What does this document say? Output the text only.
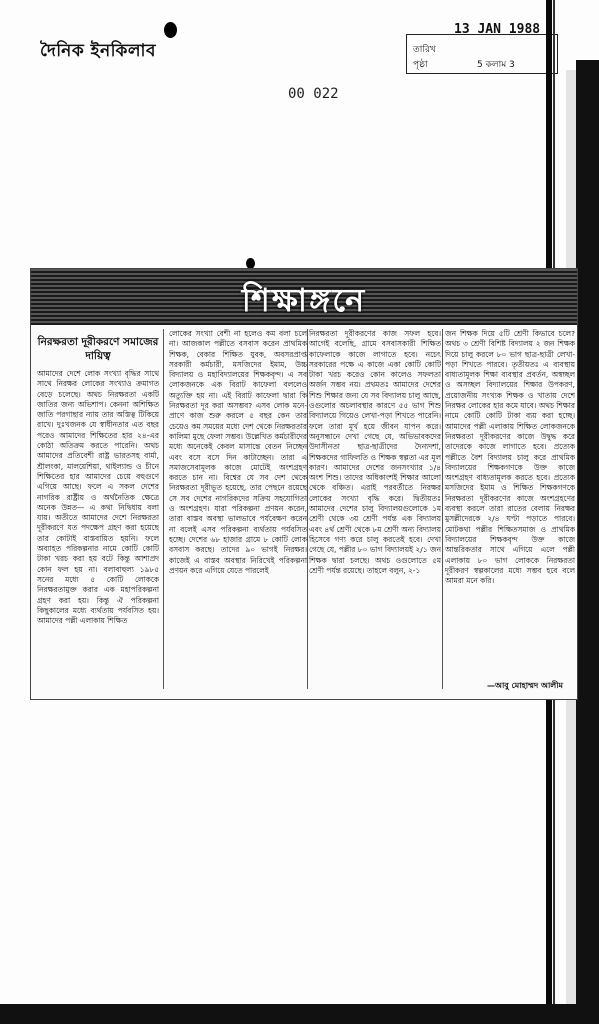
দৈনিক ইনকিলাব
13 JAN 1988
তারিখ
পৃষ্ঠা	5 কলাম 3
00 022
শিক্ষাঙ্গনে
নিরক্ষরতা দূরীকরণে সমাজের দায়িত্ব
আমাদের দেশে লোক সংখ্যা বৃদ্ধির সাথে সাথে নিরক্ষর লোকের সংখ্যাও ক্রমাগত বেড়ে চলেছে। অথচ নিরক্ষরতা একটি জাতির জন্য অভিশাপ। কেননা অশিক্ষিত জাতি পরগাছার ন্যায় তার অস্তিত্ব টিকিয়ে রাখে। দুঃখজনক যে স্বাধীনতার এত বছর পরেও আমাদের শিক্ষিতের হার ২৪-এর কোঠা অতিক্রম করতে পারেনি। অথচ আমাদের প্রতিবেশী রাষ্ট্র ভারতসহ বার্মা, শ্রীলংকা, মালয়েশিয়া, থাইল্যান্ড ও চীনে শিক্ষিতের হার আমাদের চেয়ে বহুগুণে এগিয়ে আছে। ফলে এ সকল দেশের নাগরিক রাষ্ট্রীয় ও অর্থনৈতিক ক্ষেত্রে অনেক উন্নত— এ কথা নিদ্বিধায় বলা যায়। অতীতে আমাদের দেশে নিরক্ষরতা দূরীকরণে যত পদক্ষেপ গ্রহণ করা হয়েছে তার কোটাই বাস্তবায়িত হয়নি। ফলে অব্যাহত পরিকল্পনার নামে কোটি কোটি টাকা খরচ করা হয় বটে কিন্তু আশাপ্রদ কোন ফল হয় না। বলাবাহুল্য ১৯৮৫ সনের মধ্যে ৫ কোটি লোককে নিরক্ষরতামুক্ত করার এক মহাপরিকল্পনা গ্রহণ করা হয়। কিন্তু ঐ পরিকল্পনা কিছুকালের মধ্যে ব্যর্থতায় পর্যবসিত হয়। আমাদের পল্লী এলাকায় শিক্ষিত
লোকের সংখ্যা বেশী না হলেও কম বলা চলে না। আজকাল পল্লীতে বসবাস করেন প্রাথমিক শিক্ষক, বেকার শিক্ষিত যুবক, অবসরপ্রাপ্ত সরকারী কর্মচারী, মসজিদের ইমাম, উচ্চ বিদ্যালয় ও মহাবিদ্যালয়ের শিক্ষকবৃন্দ। এ সব লোকজনকে এক বিরাট কাফেলা বললেও অত্যুক্তি হয় না। এই বিরাট কাফেলা দ্বারা কি নিরক্ষরতা দূর করা অসম্ভব? এসব লোক মনে-প্রাণে কাজ শুরু করলে ৫ বছর কেন তার চেয়েও কম সময়ের মধ্যে দেশ থেকে নিরক্ষরতার কালিমা মুছে ফেলা সম্ভব। উল্লেখিত কর্মচারীদের মধ্যে অনেকেই কেবল মাসান্তে বেতন নিচ্ছেন এবং বসে বসে দিন কাটাচ্ছেন। তারা এ সমাজসেবামূলক কাজে মোটেই অংশগ্রহণ করতে চান না। বিশ্বের যে সব দেশ থেকে নিরক্ষরতা দূরীভূত হয়েছে, তার পেছনে রয়েছে সে সব দেশের নাগরিকদের সক্রিয় সহযোগিতা ও অংশগ্রহণ। যারা পরিকল্পনা প্রণয়ন করেন, তারা বাস্তব অবস্থা ভালভাবে পর্যবেক্ষণ করেন না বলেই এসব পরিকল্পনা ব্যর্থতায় পর্যবসিত হচ্ছে। দেশের ৬৮ হাজার গ্রামে ৮ কোটি লোক বসবাস করছে। তাদের ৯০ ভাগই নিরক্ষর। কাজেই এ বাস্তব অবস্থার নিরিখেই পরিকল্পনা প্রণয়ন করে এগিয়ে যেতে পারলেই
নিরক্ষরতা দূরীকরণের কাজ সফল হবে। আগেই বলেছি, গ্রামে বসবাসকারী শিক্ষিত কাফেলাকে কাজে লাগাতে হবে। নচেৎ সরকারের পক্ষে এ কাজে একা কোটি কোটি টাকা খরচ করেও কোন কালেও সফলতা অর্জন সম্ভব নয়। প্রথমতঃ আমাদের দেশের শিশু শিক্ষার জন্য যে সব বিদ্যালয় চালু আছে, ওগুলোর অচলাবস্থার কারণে ৫৫ ভাগ শিশু বিদ্যালয়ে গিয়েও লেখা-পড়া শিখতে পারেনি। ফলে তারা মূর্খ হয়ে জীবন যাপন করে। অনুসন্ধানে দেখা গেছে যে, অভিভাবকদের উদাসীনতা ছাত্র-ছাত্রীদের দৈন্যদশা, শিক্ষকদের গাফিলতি ও শিক্ষক স্বল্পতা এর মূল কারণ। আমাদের দেশের জনসংখ্যার ১/৪ অংশ শিশু। তাদের অধিকাংশই শিক্ষার আলো থেকে বঞ্চিত। এরাই পরবর্তীতে নিরক্ষর লোকের সংখ্যা বৃদ্ধি করে। দ্বিতীয়তঃ আমাদের দেশের চালু বিদ্যালয়গুলোকে ১ম শ্রেণী থেকে ৩য় শ্রেণী পর্যন্ত এক বিদ্যালয় এবং ৪র্থ শ্রেণী থেকে ৮ম শ্রেণী অন্য বিদ্যালয় হিসেবে গণ্য করে চালু করতেই হবে। দেখা গেছে যে, পল্লীর ৮০ ভাগ বিদ্যালয়ই ২/১ জন শিক্ষক দ্বারা চলছে। অথচ ওগুলোতে ৫ম শ্রেণী পর্যন্ত রয়েছে। তাহলে বলুন, ২-১
জন শিক্ষক দিয়ে ৫টি শ্রেণী কিভাবে চলে? অথচ ৩ শ্রেণী বিশিষ্ট বিদ্যালয় ২ জন শিক্ষক দিয়ে চালু করলে ৮০ ভাগ ছাত্র-ছাত্রী লেখা-পড়া শিখতে পারবে। তৃতীয়তঃ এ ব্যবস্থায় বাধ্যতামূলক শিক্ষা ব্যবস্থার প্রবর্তন, অস্বচ্ছল ও অসচ্ছল বিদ্যালয়ের শিক্ষার উপকরণ, প্রয়োজনীয় সংখ্যক শিক্ষক ও খাতায় দেশে নিরক্ষর লোকের হার কমে যাবে। অথচ শিক্ষার নামে কোটি কোটি টাকা ব্যয় করা হচ্ছে। আমাদের পল্লী এলাকায় শিক্ষিত লোকজনকে নিরক্ষরতা দূরীকরণের কাজে উদ্বুদ্ধ করে তাদেরকে কাজে লাগাতে হবে। প্রত্যেক পল্লীতে বৈশ বিদ্যালয় চালু করে প্রাথমিক বিদ্যালয়ের শিক্ষকগণকে উক্ত কাজে অংশগ্রহণ বাধ্যতামূলক করতে হবে। প্রত্যেক মসজিদের ইমাম ও শিক্ষিত শিক্ষকগণকে নিরক্ষরতা দূরীকরণের কাজে অংশগ্রহণের ব্যবস্থা করলে তারা রাতের বেলায় নিরক্ষর মুসল্লীদেরকে ২/৪ ঘণ্টা পড়াতে পারবে। মোটকথা পল্লীর শিক্ষিতসমাজ ও প্রাথমিক বিদ্যালয়ের শিক্ষকবৃন্দ উক্ত কাজে আন্তরিকতার সাথে এগিয়ে এলে পল্লী এলাকায় ৮০ ভাগ লোককে নিরক্ষরতা দূরীকরণ স্বল্পকালের মধ্যে সম্ভব হবে বলে আমরা মনে করি।
—আবু মোহাম্মদ আলীম
